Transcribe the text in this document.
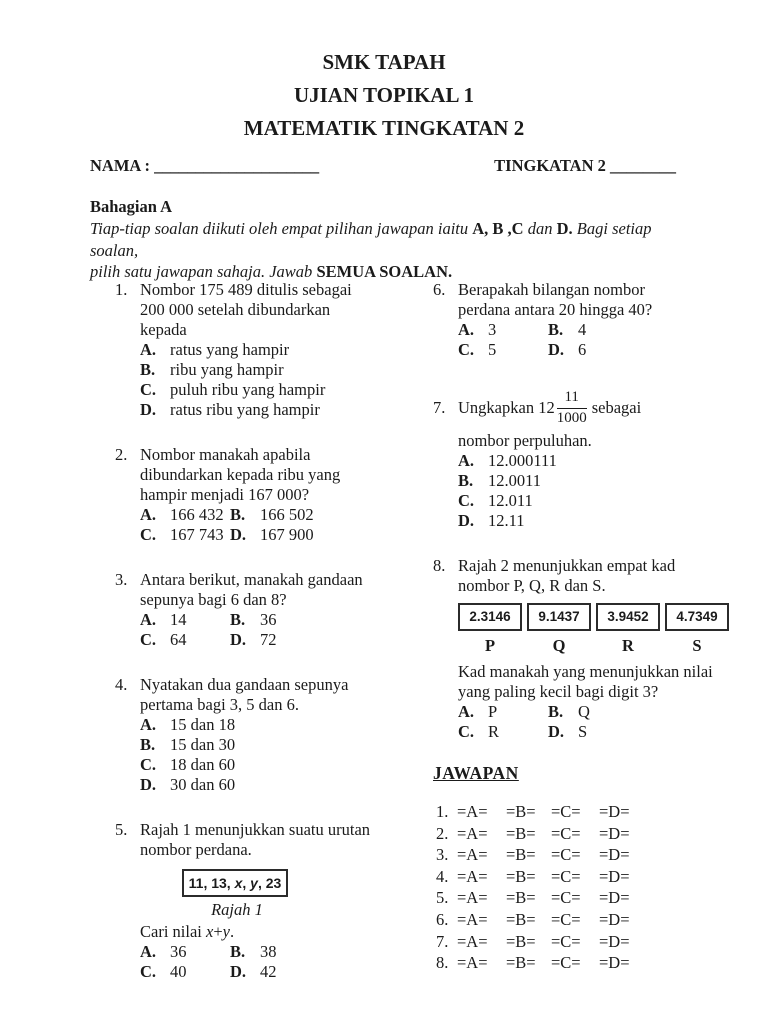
SMK TAPAH
UJIAN TOPIKAL 1
MATEMATIK TINGKATAN 2
NAMA : ____________________	TINGKATAN 2 ________
Bahagian A
Tiap-tiap soalan diikuti oleh empat pilihan jawapan iaitu A, B ,C dan D. Bagi setiap soalan,
pilih satu jawapan sahaja. Jawab SEMUA SOALAN.
1. Nombor 175 489 ditulis sebagai
200 000 setelah dibundarkan
kepada
A. ratus yang hampir
B. ribu yang hampir
C. puluh ribu yang hampir
D. ratus ribu yang hampir
2. Nombor manakah apabila
dibundarkan kepada ribu yang
hampir menjadi 167 000?
A. 166 432 B. 166 502
C. 167 743 D. 167 900
3. Antara berikut, manakah gandaan
sepunya bagi 6 dan 8?
A. 14	B. 36
C. 64	D. 72
4. Nyatakan dua gandaan sepunya
pertama bagi 3, 5 dan 6.
A. 15 dan 18
B. 15 dan 30
C. 18 dan 60
D. 30 dan 60
5. Rajah 1 menunjukkan suatu urutan
nombor perdana.
11, 13, x, y, 23
Rajah 1
Cari nilai x+y.
A. 36	B. 38
C. 40	D. 42
6. Berapakah bilangan nombor
perdana antara 20 hingga 40?
A. 3	B. 4
C. 5	D. 6
7. Ungkapkan $12 \frac{11}{1000}$ sebagai
nombor perpuluhan.
A. 12.000111
B. 12.0011
C. 12.011
D. 12.11
8. Rajah 2 menunjukkan empat kad
nombor P, Q, R dan S.
2.3146	9.1437	3.9452	4.7349
P	Q	R	S
Kad manakah yang menunjukkan nilai
yang paling kecil bagi digit 3?
A. P	B. Q
C. R	D. S
JAWAPAN
1. =A=	=B= =C=	=D=
2. =A=	=B= =C=	=D=
3. =A=	=B= =C=	=D=
4. =A=	=B= =C=	=D=
5. =A=	=B= =C=	=D=
6. =A=	=B= =C=	=D=
7. =A=	=B= =C=	=D=
8. =A=	=B= =C=	=D=
